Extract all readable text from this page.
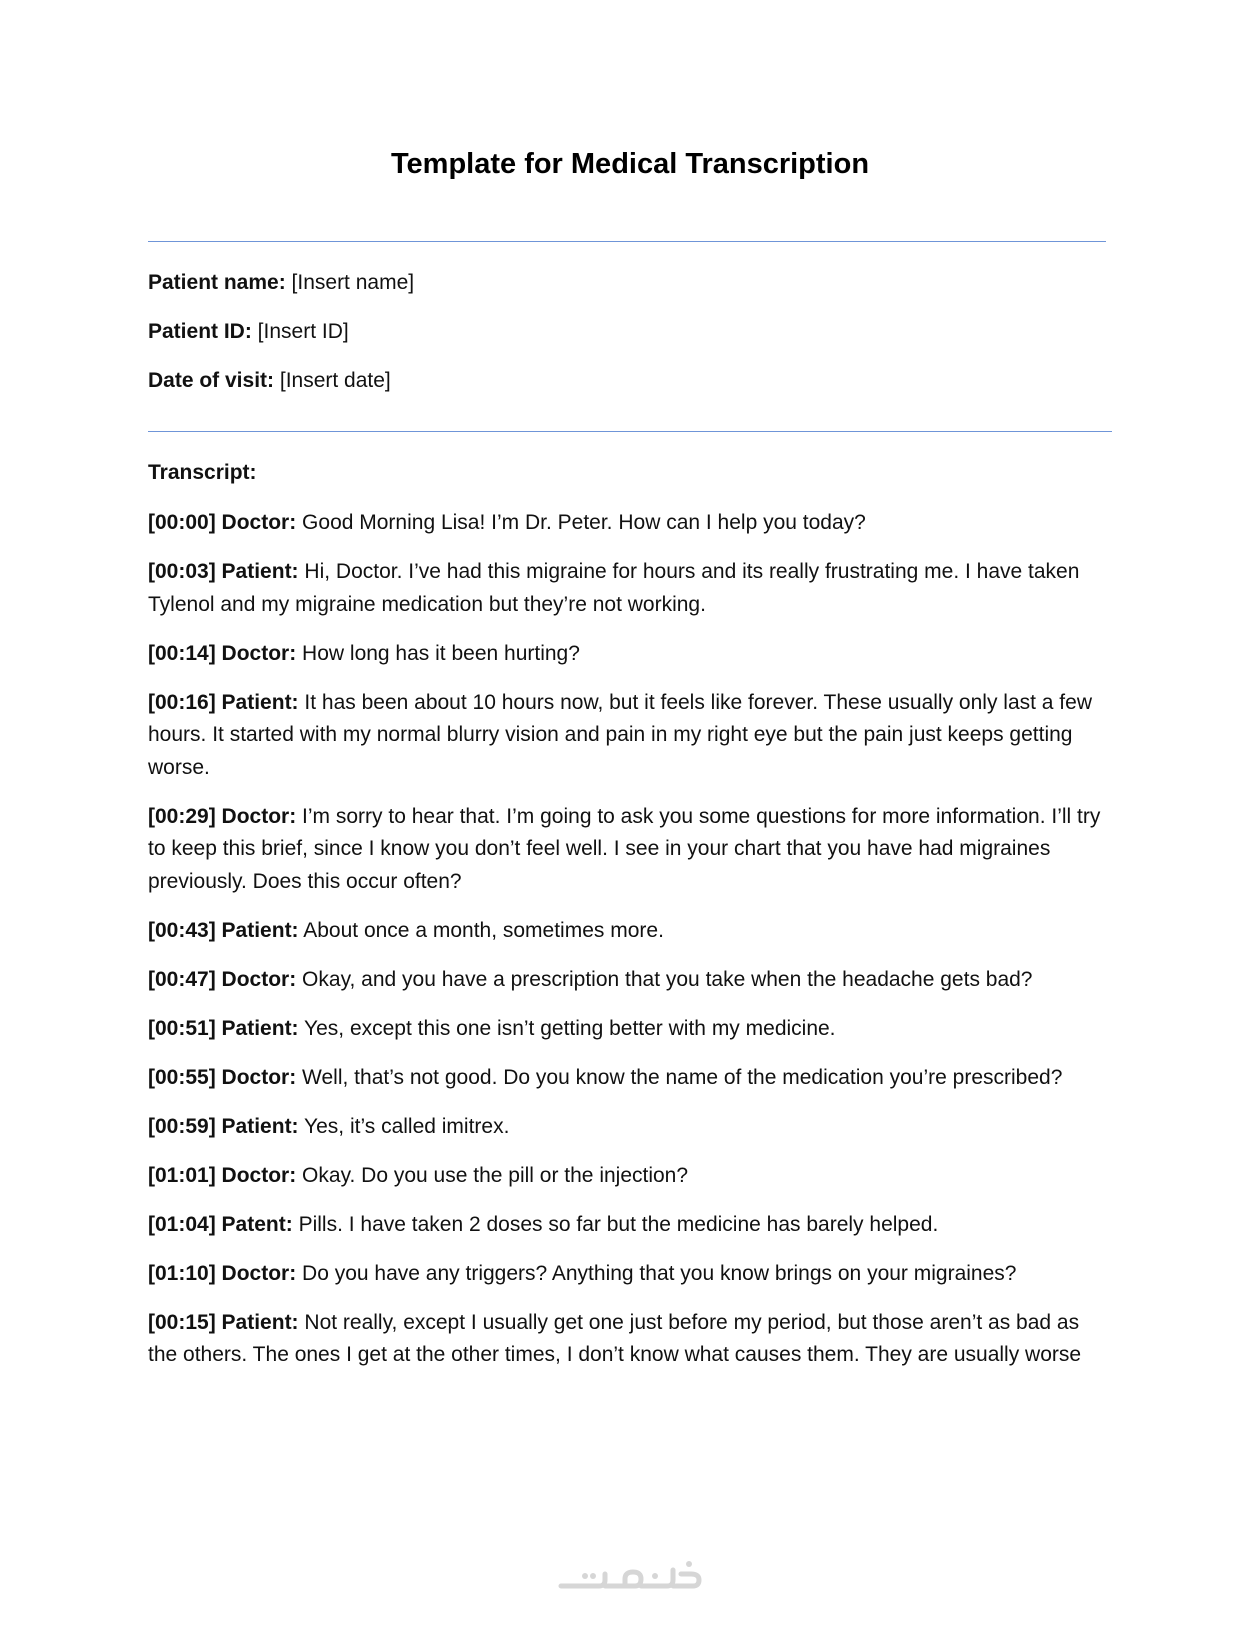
Template for Medical Transcription
Patient name: [Insert name]
Patient ID: [Insert ID]
Date of visit: [Insert date]
Transcript:

[00:00] Doctor: Good Morning Lisa! I’m Dr. Peter. How can I help you today?

[00:03] Patient: Hi, Doctor. I’ve had this migraine for hours and its really frustrating me. I have taken Tylenol and my migraine medication but they’re not working.

[00:14] Doctor: How long has it been hurting?

[00:16] Patient: It has been about 10 hours now, but it feels like forever. These usually only last a few hours. It started with my normal blurry vision and pain in my right eye but the pain just keeps getting worse.

[00:29] Doctor: I’m sorry to hear that. I’m going to ask you some questions for more information. I’ll try to keep this brief, since I know you don’t feel well. I see in your chart that you have had migraines previously. Does this occur often?

[00:43] Patient: About once a month, sometimes more.

[00:47] Doctor: Okay, and you have a prescription that you take when the headache gets bad?

[00:51] Patient: Yes, except this one isn’t getting better with my medicine.

[00:55] Doctor: Well, that’s not good. Do you know the name of the medication you’re prescribed?

[00:59] Patient: Yes, it’s called imitrex.

[01:01] Doctor: Okay. Do you use the pill or the injection?

[01:04] Patent: Pills. I have taken 2 doses so far but the medicine has barely helped.

[01:10] Doctor: Do you have any triggers? Anything that you know brings on your migraines?

[00:15] Patient: Not really, except I usually get one just before my period, but those aren’t as bad as the others. The ones I get at the other times, I don’t know what causes them. They are usually worse
